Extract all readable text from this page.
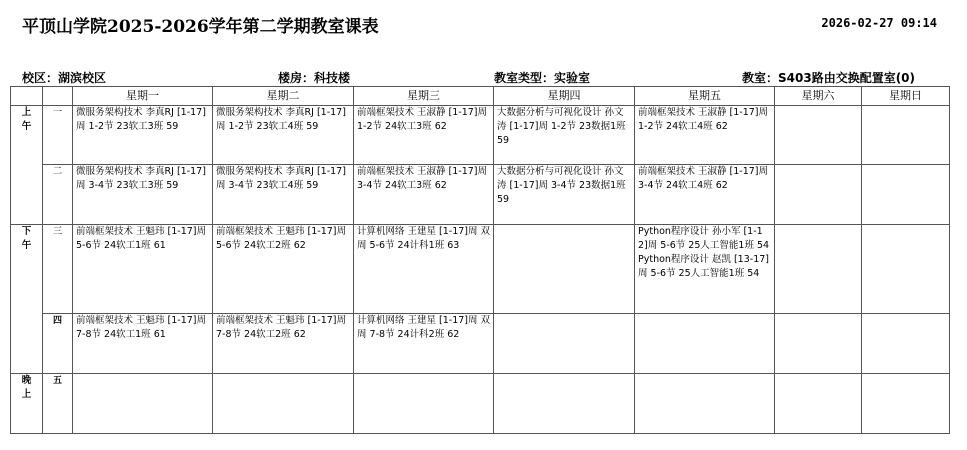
平顶山学院2025-2026学年第二学期教室课表	2026-02-27 09:14
校区：湖滨校区	楼房：科技楼	教室类型：实验室	教室：S403路由交换配置室(0)
		星期一	星期二	星期三	星期四	星期五	星期六	星期日
上
午	一	微服务架构技术 李真RJ [1-17]周 1-2节 23软工3班 59	微服务架构技术 李真RJ [1-17]周 1-2节 23软工4班 59	前端框架技术 王淑静 [1-17]周 1-2节 24软工3班 62	大数据分析与可视化设计 孙文涛 [1-17]周 1-2节 23数据1班 59	前端框架技术 王淑静 [1-17]周 1-2节 24软工4班 62		

	二	微服务架构技术 李真RJ [1-17]周 3-4节 23软工3班 59	微服务架构技术 李真RJ [1-17]周 3-4节 23软工4班 59	前端框架技术 王淑静 [1-17]周 3-4节 24软工3班 62	大数据分析与可视化设计 孙文涛 [1-17]周 3-4节 23数据1班 59	前端框架技术 王淑静 [1-17]周 3-4节 24软工4班 62		

下
午	三	前端框架技术 王魁玮 [1-17]周 5-6节 24软工1班 61	前端框架技术 王魁玮 [1-17]周 5-6节 24软工2班 62	计算机网络 王建星 [1-17]周 双周 5-6节 24计科1班 63		Python程序设计 孙小军 [1-12]周 5-6节 25人工智能1班 54
Python程序设计 赵凯 [13-17]周 5-6节 25人工智能1班 54		

	四	前端框架技术 王魁玮 [1-17]周 7-8节 24软工1班 61	前端框架技术 王魁玮 [1-17]周 7-8节 24软工2班 62	计算机网络 王建星 [1-17]周 双周 7-8节 24计科2班 62				

晚
上	五	
